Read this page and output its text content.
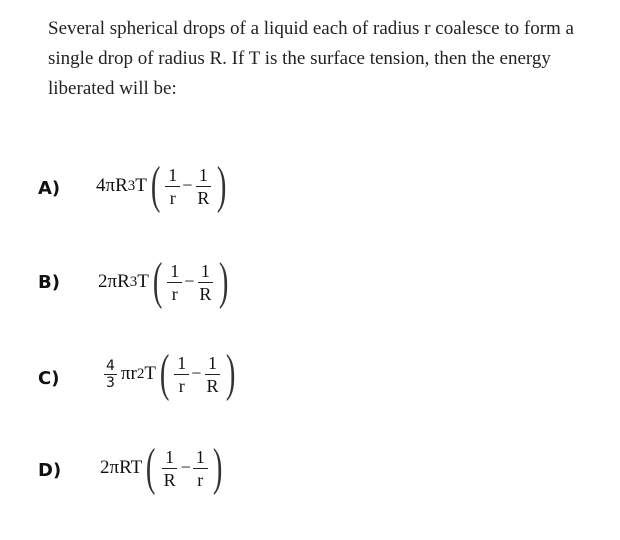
Several spherical drops of a liquid each of radius r coalesce to form a single drop of radius R. If T is the surface tension, then the energy liberated will be:
A) 4πR 3 T ( $\frac{1}{r} - \frac{1}{R}$ )
B) 2πR 3 T ( $\frac{1}{r} - \frac{1}{R}$ )
C)	$\frac{4}{3}$ πr 2 T ( $\frac{1}{r} - \frac{1}{R}$ )
D) 2πRT ( $\frac{1}{R} - \frac{1}{r}$ )
